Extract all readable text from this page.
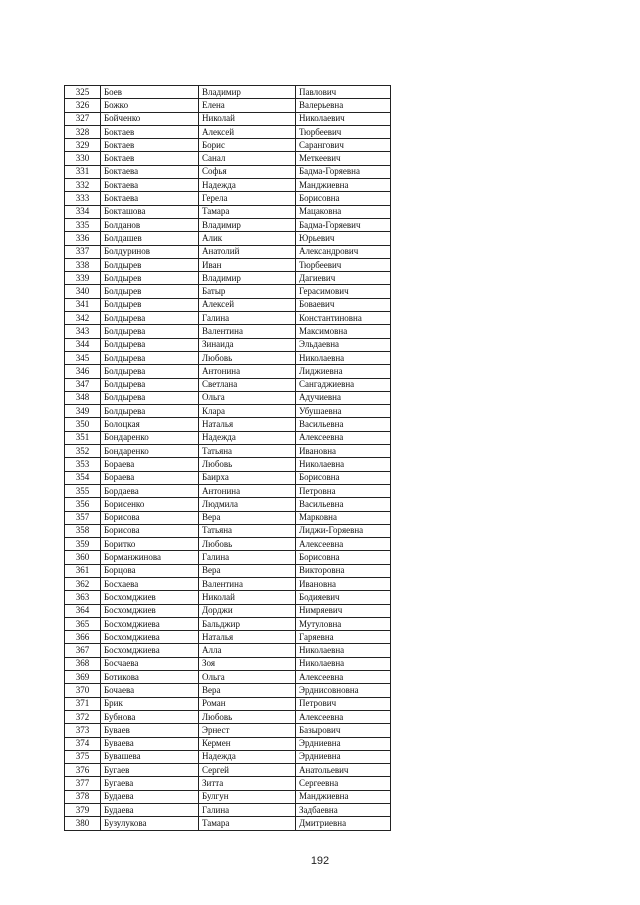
325	Боев	Владимир	Павлович
326	Божко	Елена	Валерьевна
327	Бойченко	Николай	Николаевич
328	Боктаев	Алексей	Тюрбеевич
329	Боктаев	Борис	Сарангович
330	Боктаев	Санал	Меткеевич
331	Боктаева	Софья	Бадма-Горяевна
332	Боктаева	Надежда	Манджиевна
333	Боктаева	Герела	Борисовна
334	Бокташова	Тамара	Мацаковна
335	Болданов	Владимир	Бадма-Горяевич
336	Болдашев	Алик	Юрьевич
337	Болдуринов	Анатолий	Александрович
338	Болдырев	Иван	Тюрбеевич
339	Болдырев	Владимир	Дагиевич
340	Болдырев	Батыр	Герасимович
341	Болдырев	Алексей	Боваевич
342	Болдырева	Галина	Константиновна
343	Болдырева	Валентина	Максимовна
344	Болдырева	Зинаида	Эльдаевна
345	Болдырева	Любовь	Николаевна
346	Болдырева	Антонина	Лиджиевна
347	Болдырева	Светлана	Сангаджиевна
348	Болдырева	Ольга	Адучиевна
349	Болдырева	Клара	Убушаевна
350	Болоцкая	Наталья	Васильевна
351	Бондаренко	Надежда	Алексеевна
352	Бондаренко	Татьяна	Ивановна
353	Бораева	Любовь	Николаевна
354	Бораева	Баирха	Борисовна
355	Бордаева	Антонина	Петровна
356	Борисенко	Людмила	Васильевна
357	Борисова	Вера	Марковна
358	Борисова	Татьяна	Лиджи-Горяевна
359	Боритко	Любовь	Алексеевна
360	Борманжинова	Галина	Борисовна
361	Борцова	Вера	Викторовна
362	Босхаева	Валентина	Ивановна
363	Босхомджиев	Николай	Бодияевич
364	Босхомджиев	Дорджи	Нимряевич
365	Босхомджиева	Бальджир	Мутуловна
366	Босхомджиева	Наталья	Гаряевна
367	Босхомджиева	Алла	Николаевна
368	Босчаева	Зоя	Николаевна
369	Ботикова	Ольга	Алексеевна
370	Бочаева	Вера	Эрднисовновна
371	Брик	Роман	Петрович
372	Бубнова	Любовь	Алексеевна
373	Буваев	Эрнест	Базырович
374	Буваева	Кермен	Эрдниевна
375	Бувашева	Надежда	Эрдниевна
376	Бугаев	Сергей	Анатольевич
377	Бугаева	Зитта	Сергеевна
378	Будаева	Булгун	Манджиевна
379	Будаева	Галина	Задбаевна
380	Бузулукова	Тамара	Дмитриевна
192
